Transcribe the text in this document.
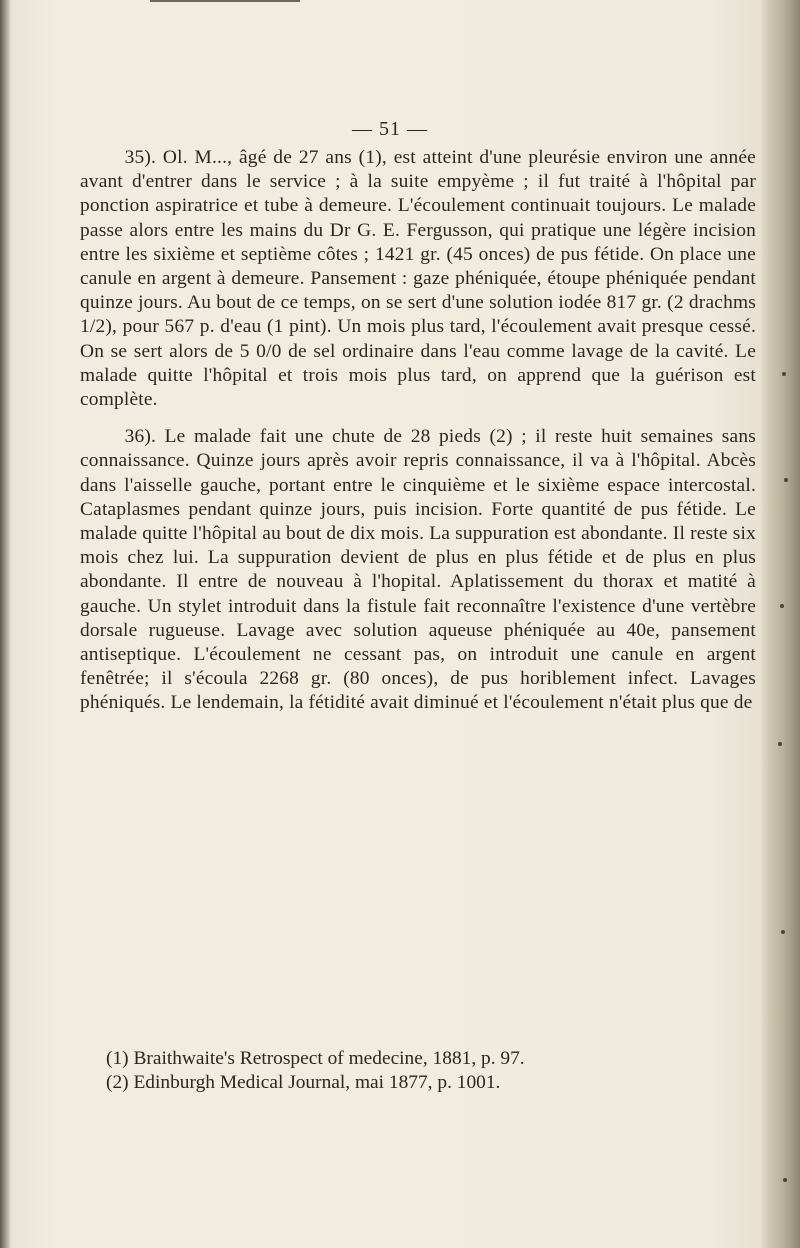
— 51 —

35). Ol. M..., âgé de 27 ans (1), est atteint d'une pleurésie environ une année avant d'entrer dans le service ; à la suite empyème ; il fut traité à l'hôpital par ponction aspiratrice et tube à demeure. L'écoulement continuait toujours. Le malade passe alors entre les mains du Dr G. E. Fergusson, qui pratique une légère incision entre les sixième et septième côtes ; 1421 gr. (45 onces) de pus fétide. On place une canule en argent à demeure. Pansement : gaze phéniquée, étoupe phéniquée pendant quinze jours. Au bout de ce temps, on se sert d'une solution iodée 817 gr. (2 drachms 1/2), pour 567 p. d'eau (1 pint). Un mois plus tard, l'écoulement avait presque cessé. On se sert alors de 5 0/0 de sel ordinaire dans l'eau comme lavage de la cavité. Le malade quitte l'hôpital et trois mois plus tard, on apprend que la guérison est complète.

36). Le malade fait une chute de 28 pieds (2) ; il reste huit semaines sans connaissance. Quinze jours après avoir repris connaissance, il va à l'hôpital. Abcès dans l'aisselle gauche, portant entre le cinquième et le sixième espace intercostal. Cataplasmes pendant quinze jours, puis incision. Forte quantité de pus fétide. Le malade quitte l'hôpital au bout de dix mois. La suppuration est abondante. Il reste six mois chez lui. La suppuration devient de plus en plus fétide et de plus en plus abondante. Il entre de nouveau à l'hopital. Aplatissement du thorax et matité à gauche. Un stylet introduit dans la fistule fait reconnaître l'existence d'une vertèbre dorsale rugueuse. Lavage avec solution aqueuse phéniquée au 40e, pansement antiseptique. L'écoulement ne cessant pas, on introduit une canule en argent fenêtrée; il s'écoula 2268 gr. (80 onces), de pus horiblement infect. Lavages phéniqués. Le lendemain, la fétidité avait diminué et l'écoulement n'était plus que de

(1) Braithwaite's Retrospect of medecine, 1881, p. 97.
(2) Edinburgh Medical Journal, mai 1877, p. 1001.
